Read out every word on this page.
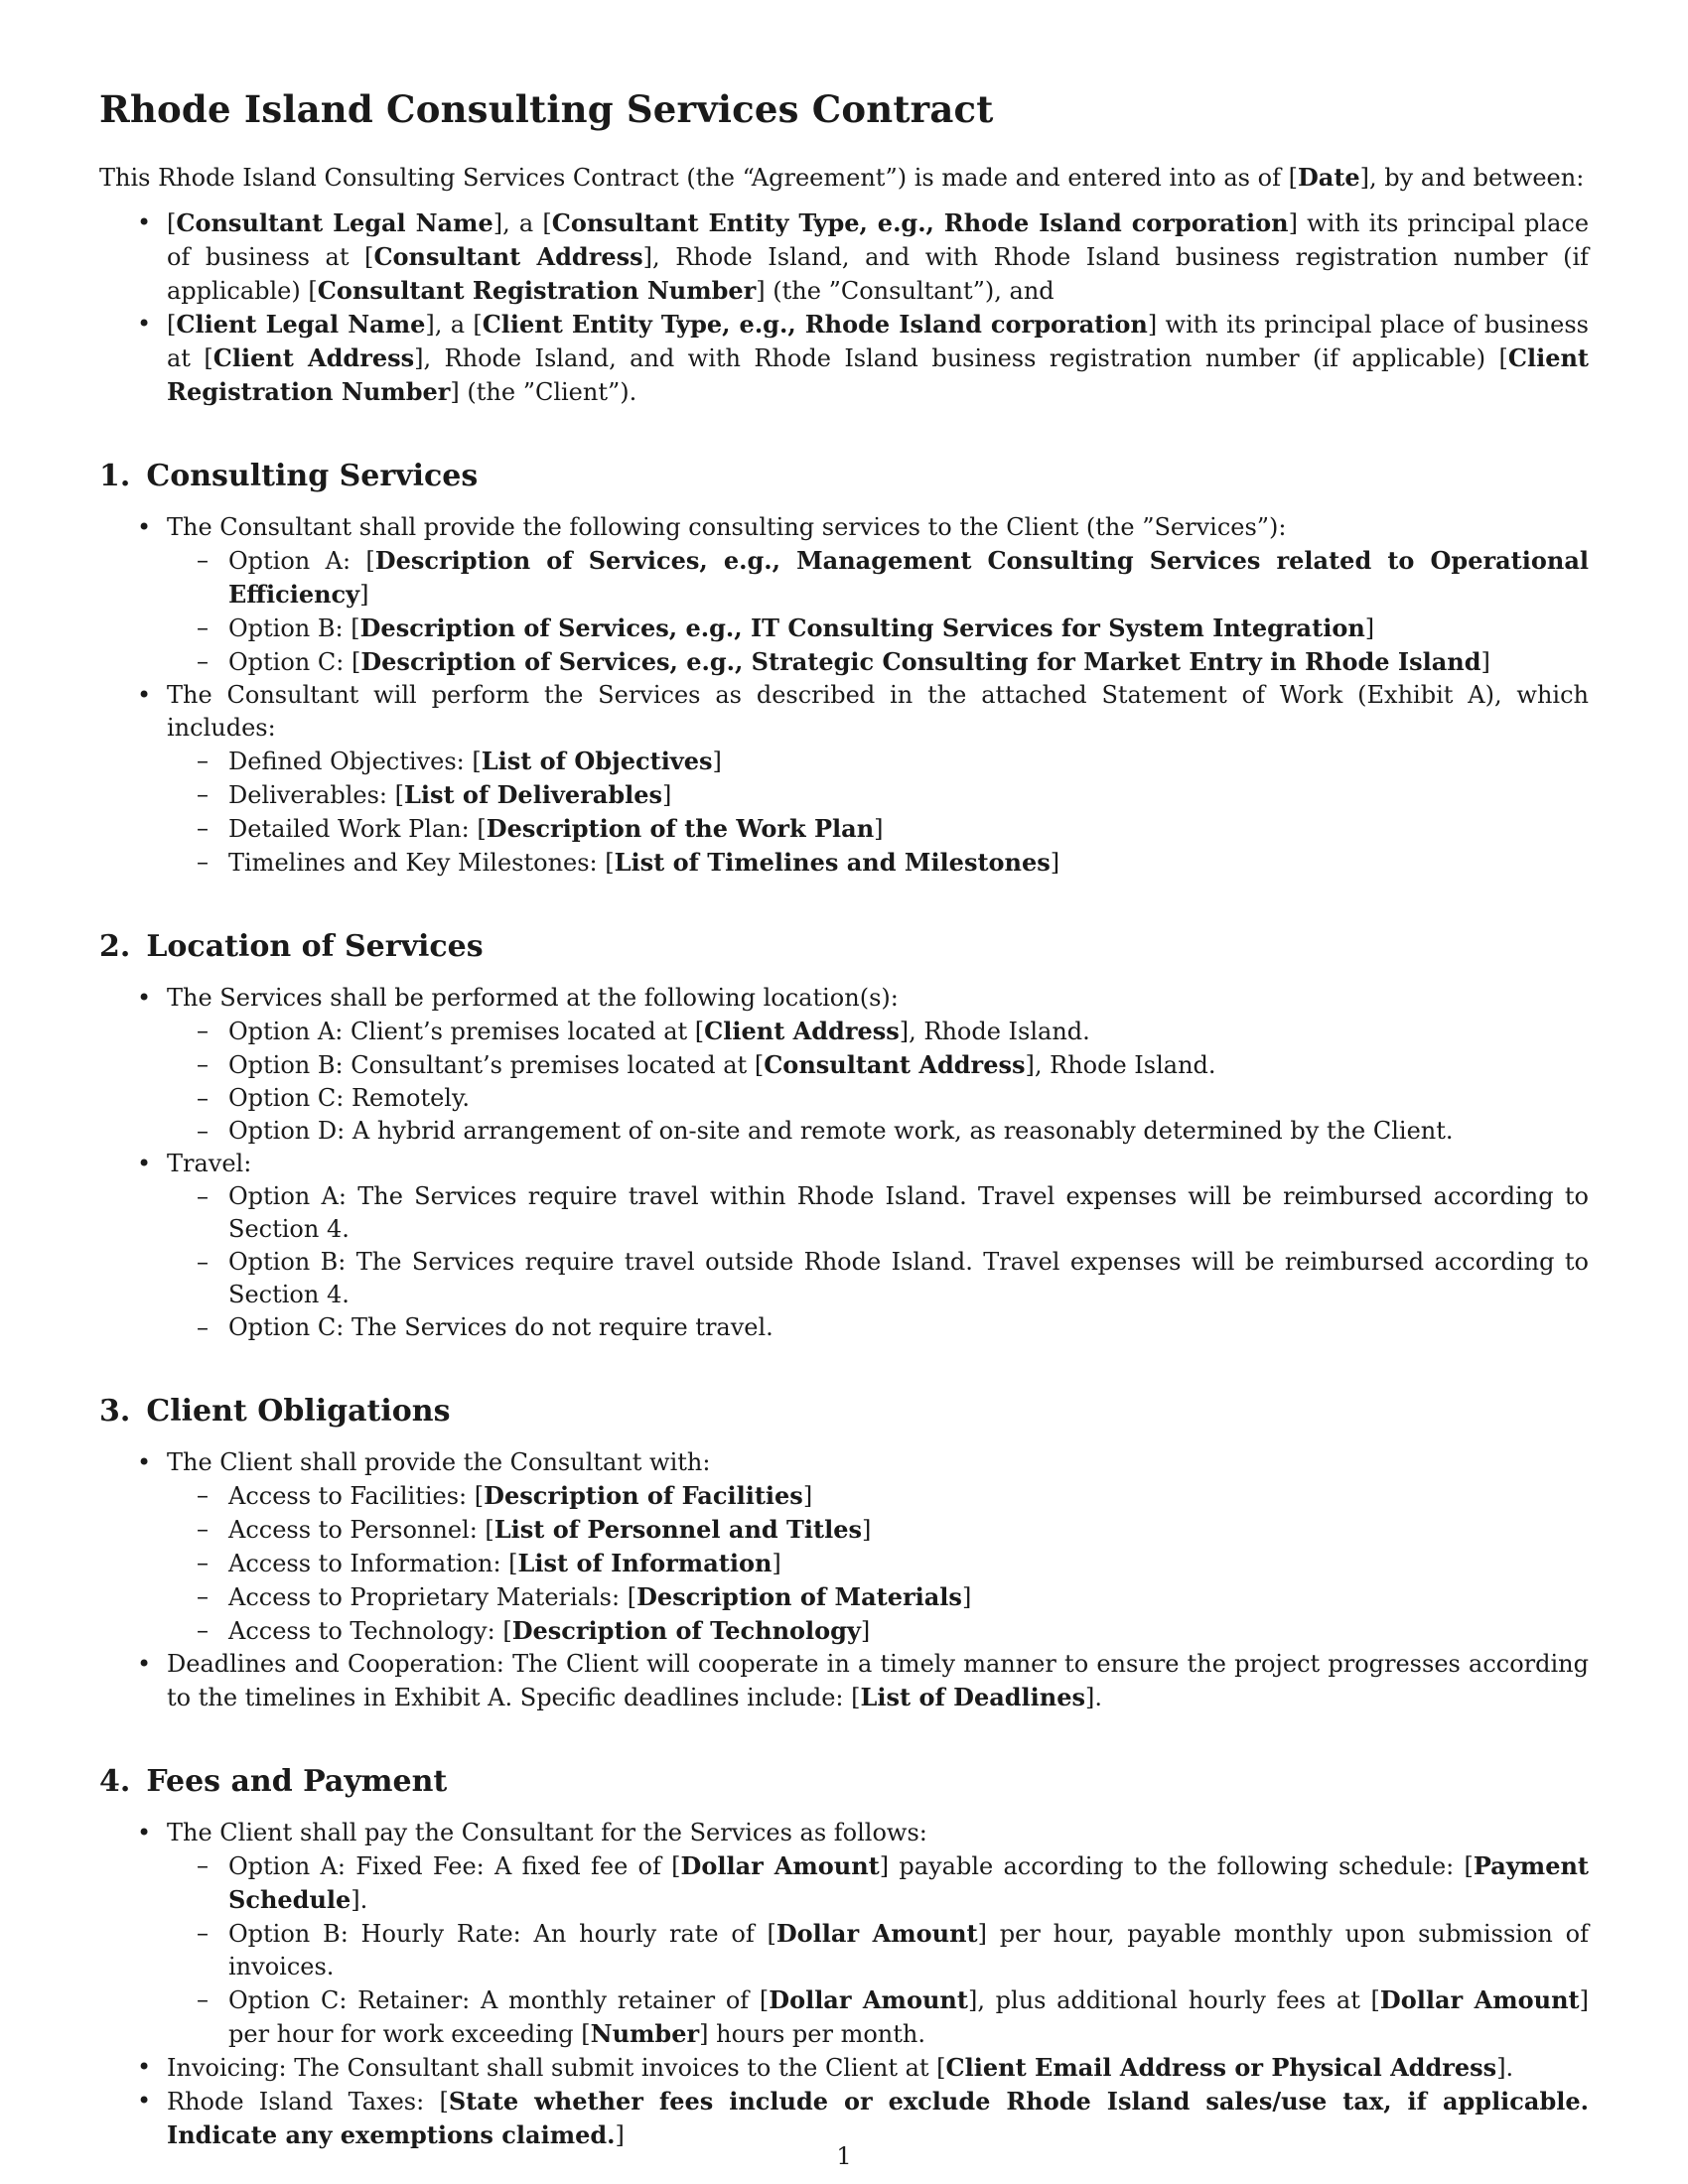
Rhode Island Consulting Services Contract

This Rhode Island Consulting Services Contract (the “Agreement”) is made and entered into as of [Date], by and between:

• [Consultant Legal Name], a [Consultant Entity Type, e.g., Rhode Island corporation] with its principal place of business at [Consultant Address], Rhode Island, and with Rhode Island business registration number (if applicable) [Consultant Registration Number] (the ”Consultant”), and
• [Client Legal Name], a [Client Entity Type, e.g., Rhode Island corporation] with its principal place of business at [Client Address], Rhode Island, and with Rhode Island business registration number (if applicable) [Client Registration Number] (the ”Client”).
1. Consulting Services
• The Consultant shall provide the following consulting services to the Client (the ”Services”):
– Option A: [Description of Services, e.g., Management Consulting Services related to Operational Efficiency]
– Option B: [Description of Services, e.g., IT Consulting Services for System Integration]
– Option C: [Description of Services, e.g., Strategic Consulting for Market Entry in Rhode Island]
• The Consultant will perform the Services as described in the attached Statement of Work (Exhibit A), which includes:
– Defined Objectives: [List of Objectives]
– Deliverables: [List of Deliverables]
– Detailed Work Plan: [Description of the Work Plan]
– Timelines and Key Milestones: [List of Timelines and Milestones]
2. Location of Services
• The Services shall be performed at the following location(s):
– Option A: Client’s premises located at [Client Address], Rhode Island.
– Option B: Consultant’s premises located at [Consultant Address], Rhode Island.
– Option C: Remotely.
– Option D: A hybrid arrangement of on-site and remote work, as reasonably determined by the Client.
• Travel:
– Option A: The Services require travel within Rhode Island. Travel expenses will be reimbursed according to Section 4.
– Option B: The Services require travel outside Rhode Island. Travel expenses will be reimbursed according to Section 4.
– Option C: The Services do not require travel.
3. Client Obligations
• The Client shall provide the Consultant with:
– Access to Facilities: [Description of Facilities]
– Access to Personnel: [List of Personnel and Titles]
– Access to Information: [List of Information]
– Access to Proprietary Materials: [Description of Materials]
– Access to Technology: [Description of Technology]
• Deadlines and Cooperation: The Client will cooperate in a timely manner to ensure the project progresses according to the timelines in Exhibit A. Specific deadlines include: [List of Deadlines].
4. Fees and Payment
• The Client shall pay the Consultant for the Services as follows:
– Option A: Fixed Fee: A fixed fee of [Dollar Amount] payable according to the following schedule: [Payment Schedule].
– Option B: Hourly Rate: An hourly rate of [Dollar Amount] per hour, payable monthly upon submission of invoices.
– Option C: Retainer: A monthly retainer of [Dollar Amount], plus additional hourly fees at [Dollar Amount] per hour for work exceeding [Number] hours per month.
• Invoicing: The Consultant shall submit invoices to the Client at [Client Email Address or Physical Address].
• Rhode Island Taxes: [State whether fees include or exclude Rhode Island sales/use tax, if applicable. Indicate any exemptions claimed.]
1
